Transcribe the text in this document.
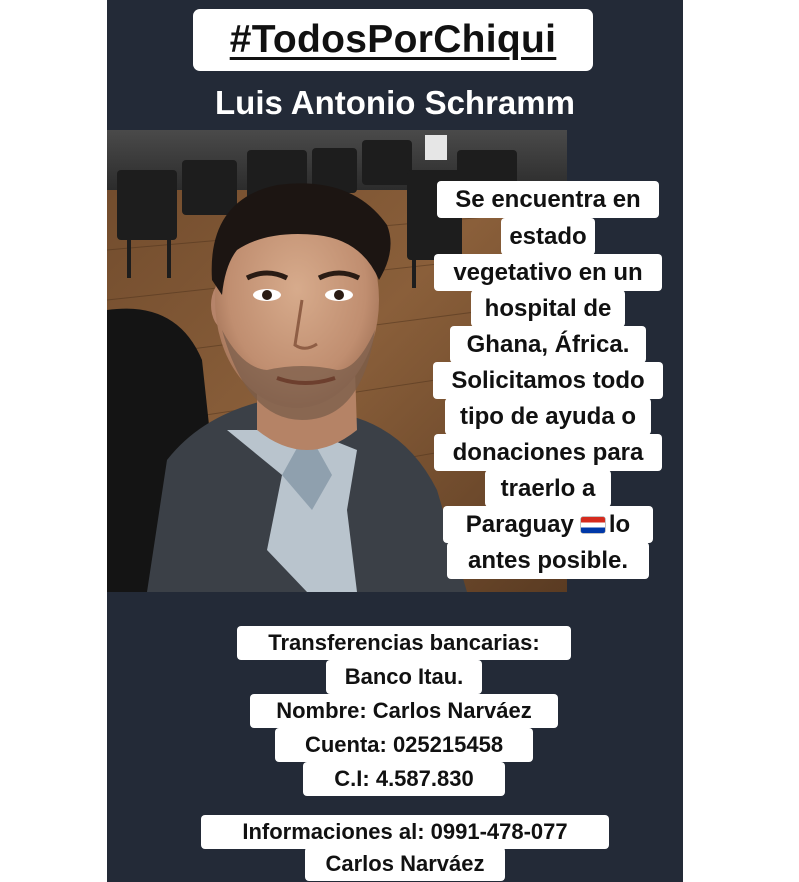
#TodosPorChiqui
Luis Antonio Schramm
Se encuentra en
estado
vegetativo en un
hospital de
Ghana, África.
Solicitamos todo
tipo de ayuda o
donaciones para
traerlo a
Paraguay lo
antes posible.
Transferencias bancarias:
Banco Itau.
Nombre: Carlos Narváez
Cuenta: 025215458
C.I: 4.587.830
Informaciones al: 0991-478-077
Carlos Narváez
